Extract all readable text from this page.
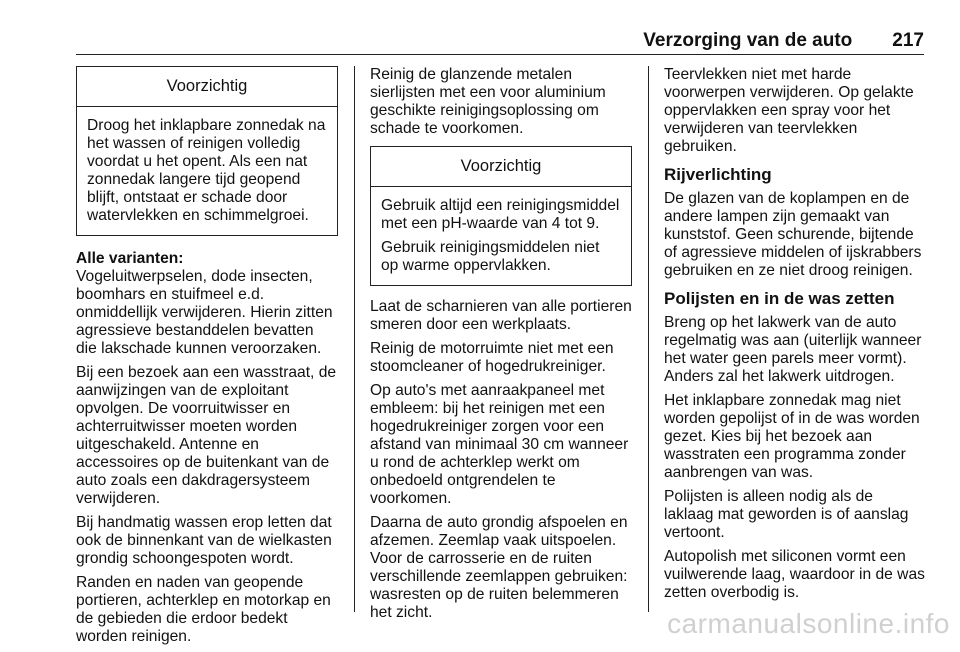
Verzorging van de auto 217
Voorzichtig

Droog het inklapbare zonnedak na het wassen of reinigen volledig voordat u het opent. Als een nat zonnedak langere tijd geopend blijft, ontstaat er schade door watervlekken en schimmelgroei.

Alle varianten:
Vogeluitwerpselen, dode insecten, boomhars en stuifmeel e.d. onmiddellijk verwijderen. Hierin zitten agressieve bestanddelen bevatten die lakschade kunnen veroorzaken.

Bij een bezoek aan een wasstraat, de aanwijzingen van de exploitant opvolgen. De voorruitwisser en achterruitwisser moeten worden uitgeschakeld. Antenne en accessoires op de buitenkant van de auto zoals een dakdragersysteem verwijderen.

Bij handmatig wassen erop letten dat ook de binnenkant van de wielkasten grondig schoongespoten wordt.

Randen en naden van geopende portieren, achterklep en motorkap en de gebieden die erdoor bedekt worden reinigen.

Reinig de glanzende metalen sierlijsten met een voor aluminium geschikte reinigingsoplossing om schade te voorkomen.

Voorzichtig

Gebruik altijd een reinigingsmiddel met een pH-waarde van 4 tot 9.

Gebruik reinigingsmiddelen niet op warme oppervlakken.

Laat de scharnieren van alle portieren smeren door een werkplaats.

Reinig de motorruimte niet met een stoomcleaner of hogedrukreiniger.

Op auto's met aanraakpaneel met embleem: bij het reinigen met een hogedrukreiniger zorgen voor een afstand van minimaal 30 cm wanneer u rond de achterklep werkt om onbedoeld ontgrendelen te voorkomen.

Daarna de auto grondig afspoelen en afzemen. Zeemlap vaak uitspoelen. Voor de carrosserie en de ruiten verschillende zeemlappen gebruiken: wasresten op de ruiten belemmeren het zicht.

Teervlekken niet met harde voorwerpen verwijderen. Op gelakte oppervlakken een spray voor het verwijderen van teervlekken gebruiken.

Rijverlichting

De glazen van de koplampen en de andere lampen zijn gemaakt van kunststof. Geen schurende, bijtende of agressieve middelen of ijskrabbers gebruiken en ze niet droog reinigen.

Polijsten en in de was zetten

Breng op het lakwerk van de auto regelmatig was aan (uiterlijk wanneer het water geen parels meer vormt). Anders zal het lakwerk uitdrogen.

Het inklapbare zonnedak mag niet worden gepolijst of in de was worden gezet. Kies bij het bezoek aan wasstraten een programma zonder aanbrengen van was.

Polijsten is alleen nodig als de laklaag mat geworden is of aanslag vertoont.

Autopolish met siliconen vormt een vuilwerende laag, waardoor in de was zetten overbodig is.

carmanualsonline.info
